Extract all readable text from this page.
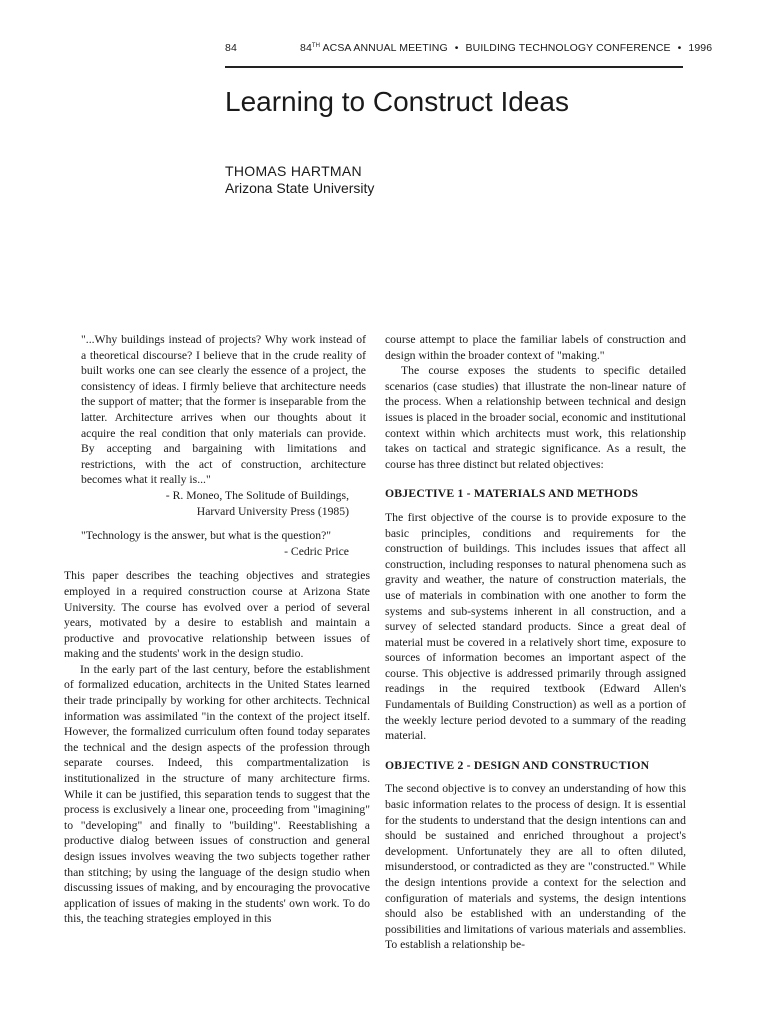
84	84TH ACSA ANNUAL MEETING • BUILDING TECHNOLOGY CONFERENCE • 1996
Learning to Construct Ideas
THOMAS HARTMAN
Arizona State University

"...Why buildings instead of projects? Why work instead of a theoretical discourse? I believe that in the crude reality of built works one can see clearly the essence of a project, the consistency of ideas. I firmly believe that architecture needs the support of matter; that the former is inseparable from the latter. Architecture arrives when our thoughts about it acquire the real condition that only materials can provide. By accepting and bargaining with limitations and restrictions, with the act of construction, architecture becomes what it really is..."

- R. Moneo, The Solitude of Buildings,

Harvard University Press (1985)

"Technology is the answer, but what is the question?"

- Cedric Price

This paper describes the teaching objectives and strategies employed in a required construction course at Arizona State University. The course has evolved over a period of several years, motivated by a desire to establish and maintain a productive and provocative relationship between issues of making and the students' work in the design studio.

In the early part of the last century, before the establishment of formalized education, architects in the United States learned their trade principally by working for other architects. Technical information was assimilated "in the context of the project itself. However, the formalized curriculum often found today separates the technical and the design aspects of the profession through separate courses. Indeed, this compartmentalization is institutionalized in the structure of many architecture firms. While it can be justified, this separation tends to suggest that the process is exclusively a linear one, proceeding from "imagining" to "developing" and finally to "building". Reestablishing a productive dialog between issues of construction and general design issues involves weaving the two subjects together rather than stitching; by using the language of the design studio when discussing issues of making, and by encouraging the provocative application of issues of making in the students' own work. To do this, the teaching strategies employed in this

course attempt to place the familiar labels of construction and design within the broader context of "making."

The course exposes the students to specific detailed scenarios (case studies) that illustrate the non-linear nature of the process. When a relationship between technical and design issues is placed in the broader social, economic and institutional context within which architects must work, this relationship takes on tactical and strategic significance. As a result, the course has three distinct but related objectives:

OBJECTIVE 1 - MATERIALS AND METHODS

The first objective of the course is to provide exposure to the basic principles, conditions and requirements for the construction of buildings. This includes issues that affect all construction, including responses to natural phenomena such as gravity and weather, the nature of construction materials, the use of materials in combination with one another to form the systems and sub-systems inherent in all construction, and a survey of selected standard products. Since a great deal of material must be covered in a relatively short time, exposure to sources of information becomes an important aspect of the course. This objective is addressed primarily through assigned readings in the required textbook (Edward Allen's Fundamentals of Building Construction) as well as a portion of the weekly lecture period devoted to a summary of the reading material.

OBJECTIVE 2 - DESIGN AND CONSTRUCTION

The second objective is to convey an understanding of how this basic information relates to the process of design. It is essential for the students to understand that the design intentions can and should be sustained and enriched throughout a project's development. Unfortunately they are all to often diluted, misunderstood, or contradicted as they are "constructed." While the design intentions provide a context for the selection and configuration of materials and systems, the design intentions should also be established with an understanding of the possibilities and limitations of various materials and assemblies. To establish a relationship be-
